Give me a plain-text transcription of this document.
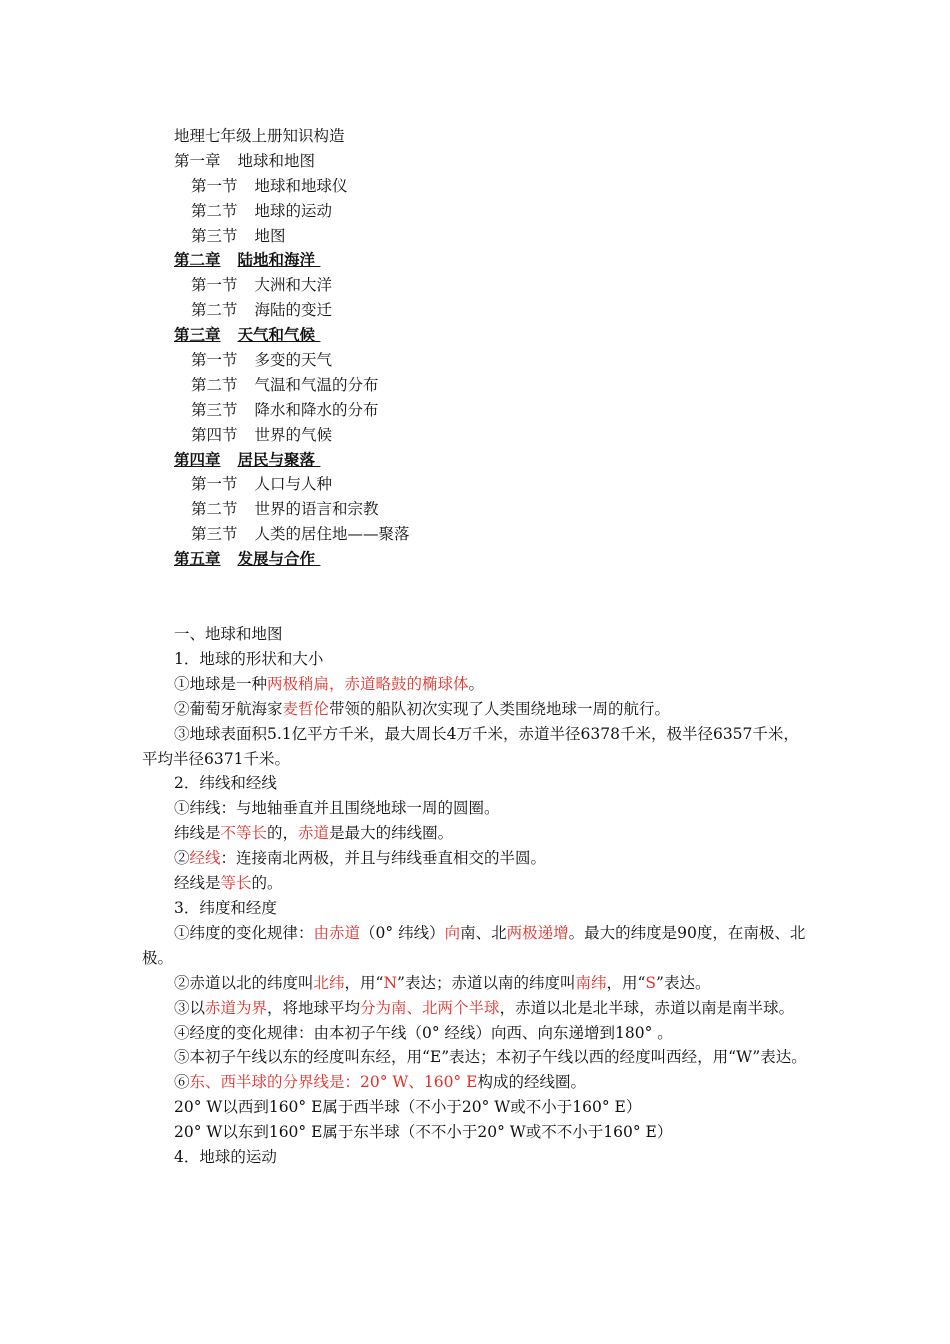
地理七年级上册知识构造
第一章 地球和地图
第一节 地球和地球仪
第二节 地球的运动
第三节 地图
第二章 陆地和海洋
第一节 大洲和大洋
第二节 海陆的变迁
第三章 天气和气候
第一节 多变的天气
第二节 气温和气温的分布
第三节 降水和降水的分布
第四节 世界的气候
第四章 居民与聚落
第一节 人口与人种
第二节 世界的语言和宗教
第三节 人类的居住地——聚落
第五章 发展与合作
一、地球和地图
1．地球的形状和大小
①地球是一种两极稍扁，赤道略鼓的椭球体。
②葡萄牙航海家麦哲伦带领的船队初次实现了人类围绕地球一周的航行。
③地球表面积5.1亿平方千米，最大周长4万千米，赤道半径6378千米，极半径6357千米，平均半径6371千米。
2．纬线和经线
①纬线：与地轴垂直并且围绕地球一周的圆圈。
纬线是不等长的，赤道是最大的纬线圈。
②经线：连接南北两极，并且与纬线垂直相交的半圆。
经线是等长的。
3．纬度和经度
①纬度的变化规律：由赤道（0° 纬线）向南、北两极递增。最大的纬度是90度，在南极、北极。
②赤道以北的纬度叫北纬，用“N”表达；赤道以南的纬度叫南纬，用“S”表达。
③以赤道为界，将地球平均分为南、北两个半球，赤道以北是北半球，赤道以南是南半球。
④经度的变化规律：由本初子午线（0° 经线）向西、向东递增到180° 。
⑤本初子午线以东的经度叫东经，用“E”表达；本初子午线以西的经度叫西经，用“W”表达。
⑥东、西半球的分界线是：20° W、160° E构成的经线圈。
20° W以西到160° E属于西半球（不小于20° W或不小于160° E）
20° W以东到160° E属于东半球（不不小于20° W或不不小于160° E）
4．地球的运动
